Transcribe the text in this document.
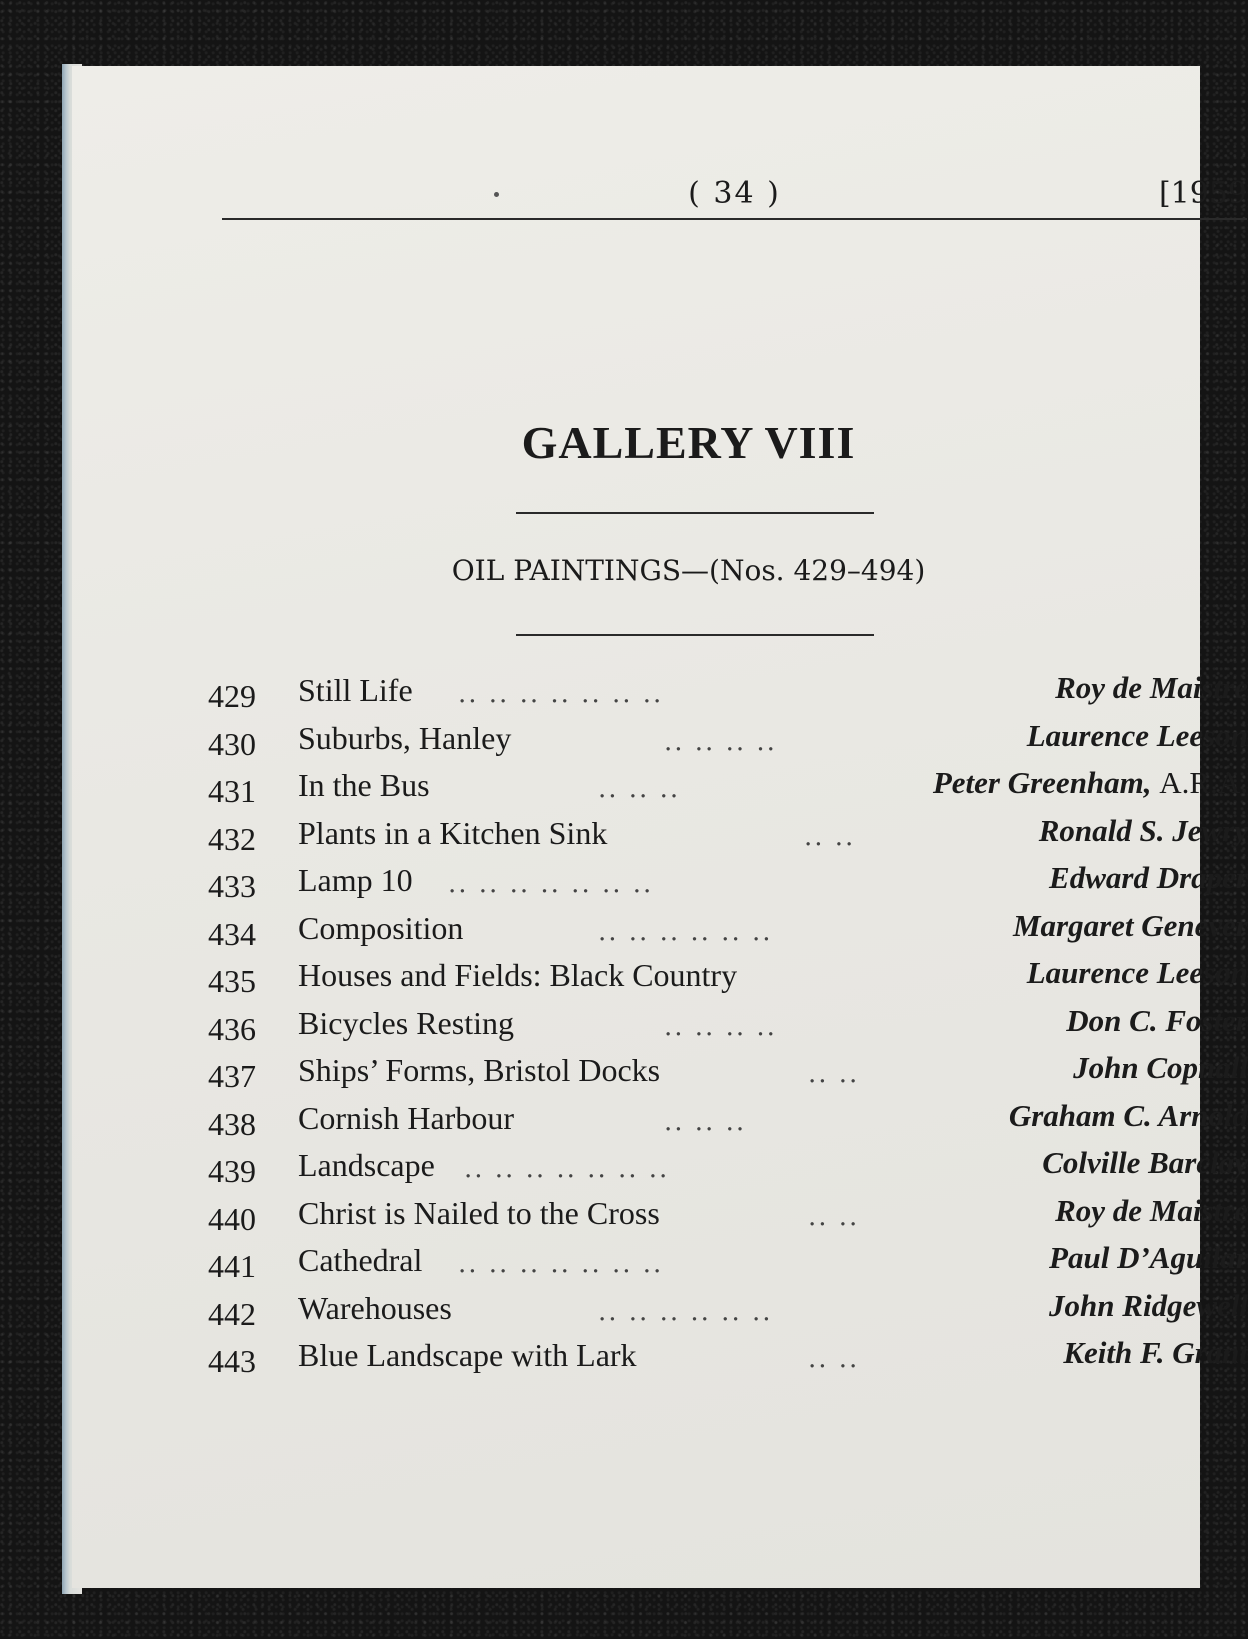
( 34 )	[1959
GALLERY VIII
OIL PAINTINGS—(Nos. 429–494)
429 Still Life .. .. .. .. .. .. ..	Roy de Maistre
430 Suburbs, Hanley	.. .. .. ..	Laurence Leeson
431 In the Bus	.. .. ..	Peter Greenham, A.R.A.
432 Plants in a Kitchen Sink	.. ..	Ronald S. Jewry
433 Lamp 10 .. .. .. .. .. .. ..	Edward Draper
434 Composition	.. .. .. .. .. ..	Margaret Genever
435 Houses and Fields: Black Country	Laurence Leeson
436 Bicycles Resting	.. .. .. ..	Don C. Foster
437 Ships’ Forms, Bristol Docks	.. ..	John Copnall
438 Cornish Harbour	.. .. ..	Graham C. Arnold
439 Landscape .. .. .. .. .. .. ..	Colville Barclay
440 Christ is Nailed to the Cross	.. ..	Roy de Maistre
441 Cathedral .. .. .. .. .. .. ..	Paul D’Aguilar
442 Warehouses	.. .. .. .. .. ..	John Ridgewell
443 Blue Landscape with Lark	.. ..	Keith F. Grant
